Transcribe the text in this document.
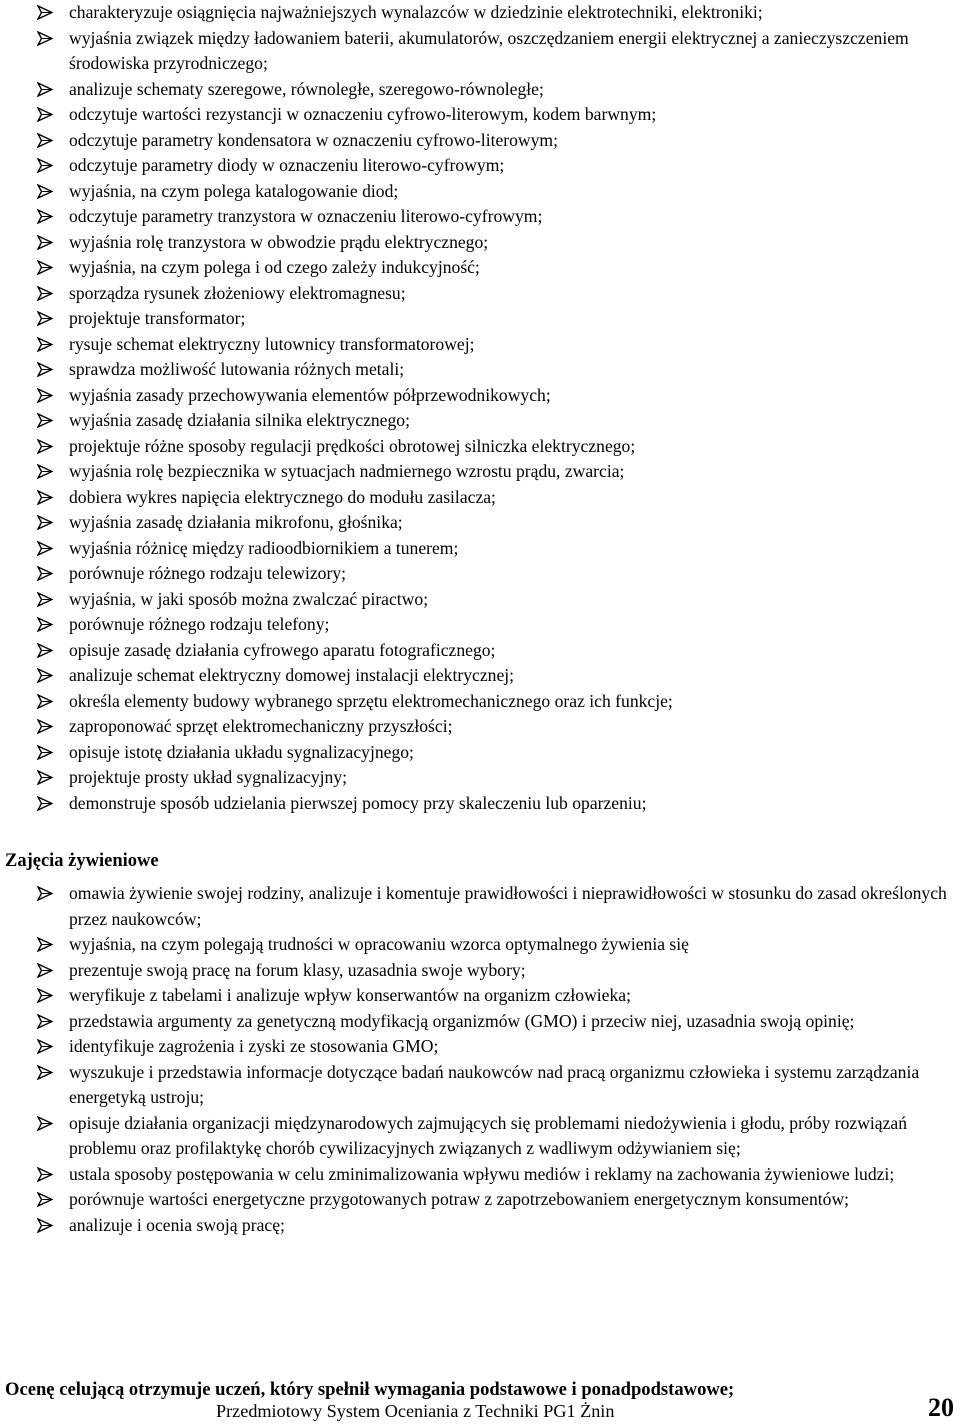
charakteryzuje osiągnięcia najważniejszych wynalazców w dziedzinie elektrotechniki, elektroniki;
wyjaśnia związek między ładowaniem baterii, akumulatorów, oszczędzaniem energii elektrycznej a zanieczyszczeniem środowiska przyrodniczego;
analizuje schematy szeregowe, równoległe, szeregowo-równoległe;
odczytuje wartości rezystancji w oznaczeniu cyfrowo-literowym, kodem barwnym;
odczytuje parametry kondensatora w oznaczeniu cyfrowo-literowym;
odczytuje parametry diody w oznaczeniu literowo-cyfrowym;
wyjaśnia, na czym polega katalogowanie diod;
odczytuje parametry tranzystora w oznaczeniu literowo-cyfrowym;
wyjaśnia rolę tranzystora w obwodzie prądu elektrycznego;
wyjaśnia, na czym polega i od czego zależy indukcyjność;
sporządza rysunek złożeniowy elektromagnesu;
projektuje transformator;
rysuje schemat elektryczny lutownicy transformatorowej;
sprawdza możliwość lutowania różnych metali;
wyjaśnia zasady przechowywania elementów półprzewodnikowych;
wyjaśnia zasadę działania silnika elektrycznego;
projektuje różne sposoby regulacji prędkości obrotowej silniczka elektrycznego;
wyjaśnia rolę bezpiecznika w sytuacjach nadmiernego wzrostu prądu, zwarcia;
dobiera wykres napięcia elektrycznego do modułu zasilacza;
wyjaśnia zasadę działania mikrofonu, głośnika;
wyjaśnia różnicę między radioodbiornikiem a tunerem;
porównuje różnego rodzaju telewizory;
wyjaśnia, w jaki sposób można zwalczać piractwo;
porównuje różnego rodzaju telefony;
opisuje zasadę działania cyfrowego aparatu fotograficznego;
analizuje schemat elektryczny domowej instalacji elektrycznej;
określa elementy budowy wybranego sprzętu elektromechanicznego oraz ich funkcje;
zaproponować sprzęt elektromechaniczny przyszłości;
opisuje istotę działania układu sygnalizacyjnego;
projektuje prosty układ sygnalizacyjny;
demonstruje sposób udzielania pierwszej pomocy przy skaleczeniu lub oparzeniu;
Zajęcia żywieniowe
omawia żywienie swojej rodziny, analizuje i komentuje prawidłowości i nieprawidłowości w stosunku do zasad określonych przez naukowców;
wyjaśnia, na czym polegają trudności w opracowaniu wzorca optymalnego żywienia się
prezentuje swoją pracę na forum klasy, uzasadnia swoje wybory;
weryfikuje z tabelami i analizuje wpływ konserwantów na organizm człowieka;
przedstawia argumenty za genetyczną modyfikacją organizmów (GMO) i przeciw niej, uzasadnia swoją opinię;
identyfikuje zagrożenia i zyski ze stosowania GMO;
wyszukuje i przedstawia informacje dotyczące badań naukowców nad pracą organizmu człowieka i systemu zarządzania energetyką ustroju;
opisuje działania organizacji międzynarodowych zajmujących się problemami niedożywienia i głodu, próby rozwiązań problemu oraz profilaktykę chorób cywilizacyjnych związanych z wadliwym odżywianiem się;
ustala sposoby postępowania w celu zminimalizowania wpływu mediów i reklamy na zachowania żywieniowe ludzi;
porównuje wartości energetyczne przygotowanych potraw z zapotrzebowaniem energetycznym konsumentów;
analizuje i ocenia swoją pracę;
Ocenę celującą otrzymuje uczeń, który spełnił wymagania podstawowe i ponadpodstawowe;
Przedmiotowy System Oceniania z Techniki PG1 Żnin	20
